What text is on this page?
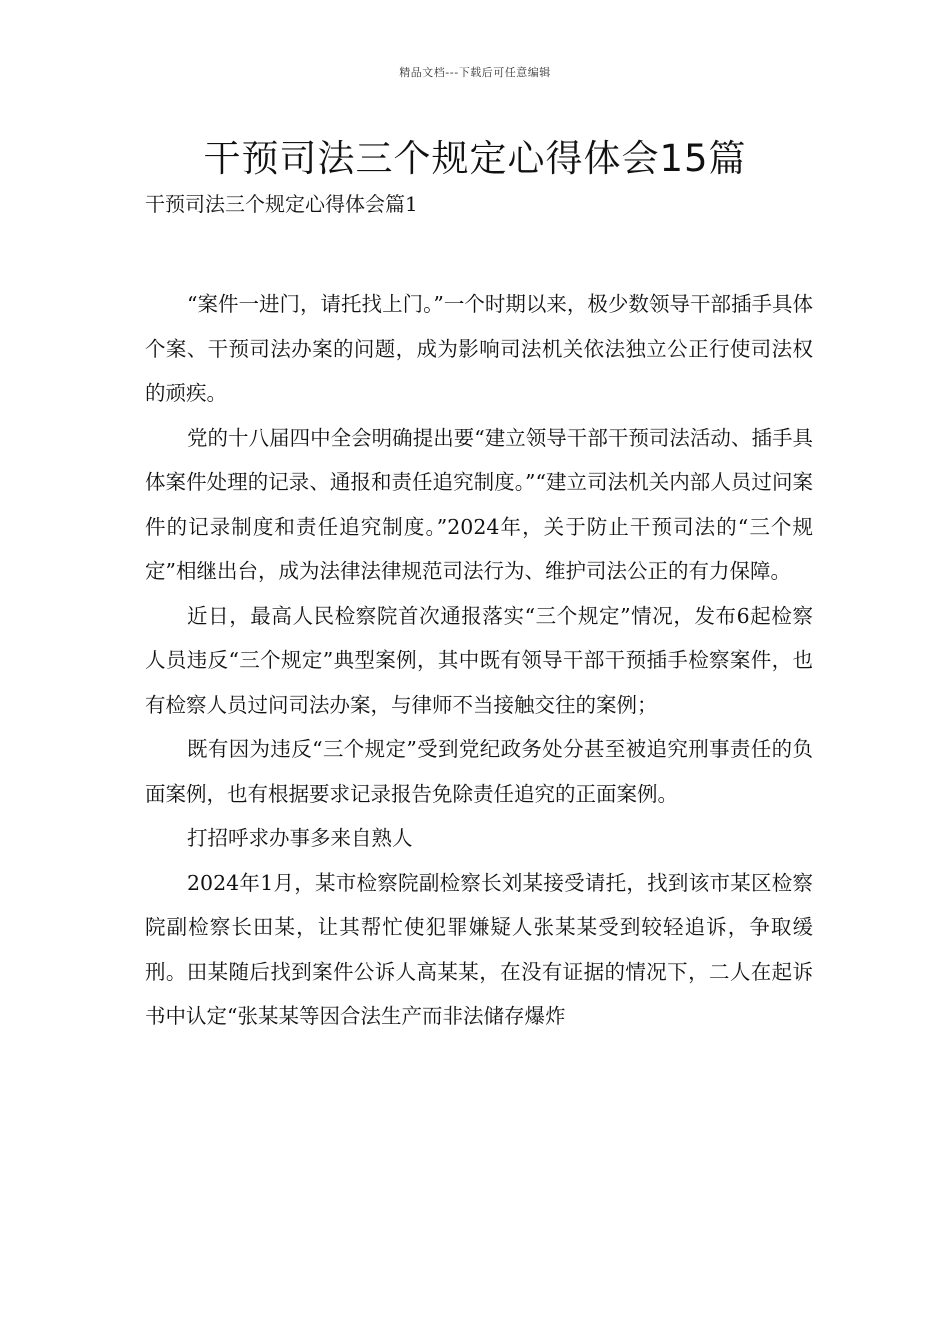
精品文档---下载后可任意编辑
干预司法三个规定心得体会15篇
干预司法三个规定心得体会篇1

“案件一进门，请托找上门。”一个时期以来，极少数领导干部插手具体个案、干预司法办案的问题，成为影响司法机关依法独立公正行使司法权的顽疾。

党的十八届四中全会明确提出要“建立领导干部干预司法活动、插手具体案件处理的记录、通报和责任追究制度。”“建立司法机关内部人员过问案件的记录制度和责任追究制度。”2024年，关于防止干预司法的“三个规定”相继出台，成为法律法律规范司法行为、维护司法公正的有力保障。

近日，最高人民检察院首次通报落实“三个规定”情况，发布6起检察人员违反“三个规定”典型案例，其中既有领导干部干预插手检察案件，也有检察人员过问司法办案，与律师不当接触交往的案例；

既有因为违反“三个规定”受到党纪政务处分甚至被追究刑事责任的负面案例，也有根据要求记录报告免除责任追究的正面案例。

打招呼求办事多来自熟人

2024年1月，某市检察院副检察长刘某接受请托，找到该市某区检察院副检察长田某，让其帮忙使犯罪嫌疑人张某某受到较轻追诉，争取缓刑。田某随后找到案件公诉人高某某，在没有证据的情况下，二人在起诉书中认定“张某某等因合法生产而非法储存爆炸
